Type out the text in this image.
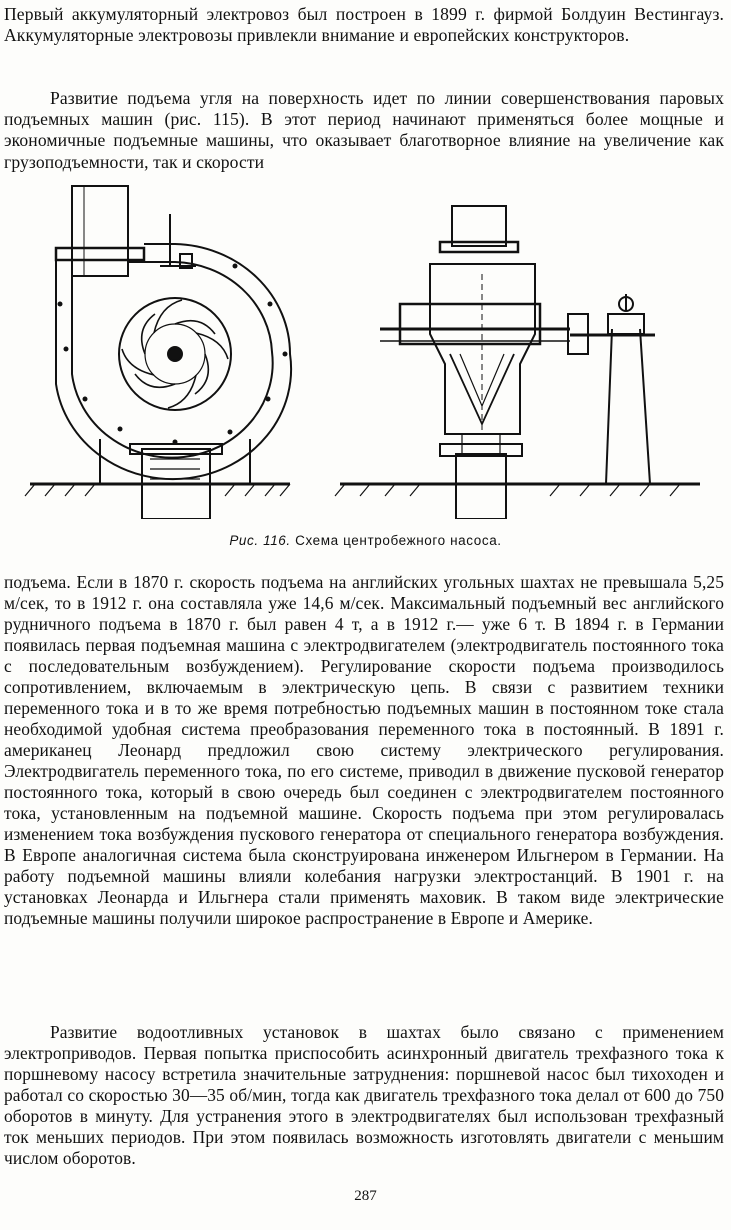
Первый аккумуляторный электровоз был построен в 1899 г. фирмой Болдуин Вестингауз. Аккумуляторные электровозы привлекли внимание и европейских конструкторов.

Развитие подъема угля на поверхность идет по линии совершенствования паровых подъемных машин (рис. 115). В этот период начинают применяться более мощные и экономичные подъемные машины, что оказывает благотворное влияние на увеличение как грузоподъемности, так и скорости

Рис. 116. Схема центробежного насоса.

подъема. Если в 1870 г. скорость подъема на английских угольных шахтах не превышала 5,25 м/сек, то в 1912 г. она составляла уже 14,6 м/сек. Максимальный подъемный вес английского рудничного подъема в 1870 г. был равен 4 т, а в 1912 г.— уже 6 т. В 1894 г. в Германии появилась первая подъемная машина с электродвигателем (электродвигатель постоянного тока с последовательным возбуждением). Регулирование скорости подъема производилось сопротивлением, включаемым в электрическую цепь. В связи с развитием техники переменного тока и в то же время потребностью подъемных машин в постоянном токе стала необходимой удобная система преобразования переменного тока в постоянный. В 1891 г. американец Леонард предложил свою систему электрического регулирования. Электродвигатель переменного тока, по его системе, приводил в движение пусковой генератор постоянного тока, который в свою очередь был соединен с электродвигателем постоянного тока, установленным на подъемной машине. Скорость подъема при этом регулировалась изменением тока возбуждения пускового генератора от специального генератора возбуждения. В Европе аналогичная система была сконструирована инженером Ильгнером в Германии. На работу подъемной машины влияли колебания нагрузки электростанций. В 1901 г. на установках Леонарда и Ильгнера стали применять маховик. В таком виде электрические подъемные машины получили широкое распространение в Европе и Америке.

Развитие водоотливных установок в шахтах было связано с применением электроприводов. Первая попытка приспособить асинхронный двигатель трехфазного тока к поршневому насосу встретила значительные затруднения: поршневой насос был тихоходен и работал со скоростью 30—35 об/мин, тогда как двигатель трехфазного тока делал от 600 до 750 оборотов в минуту. Для устранения этого в электродвигателях был использован трехфазный ток меньших периодов. При этом появилась возможность изготовлять двигатели с меньшим числом оборотов.

287
